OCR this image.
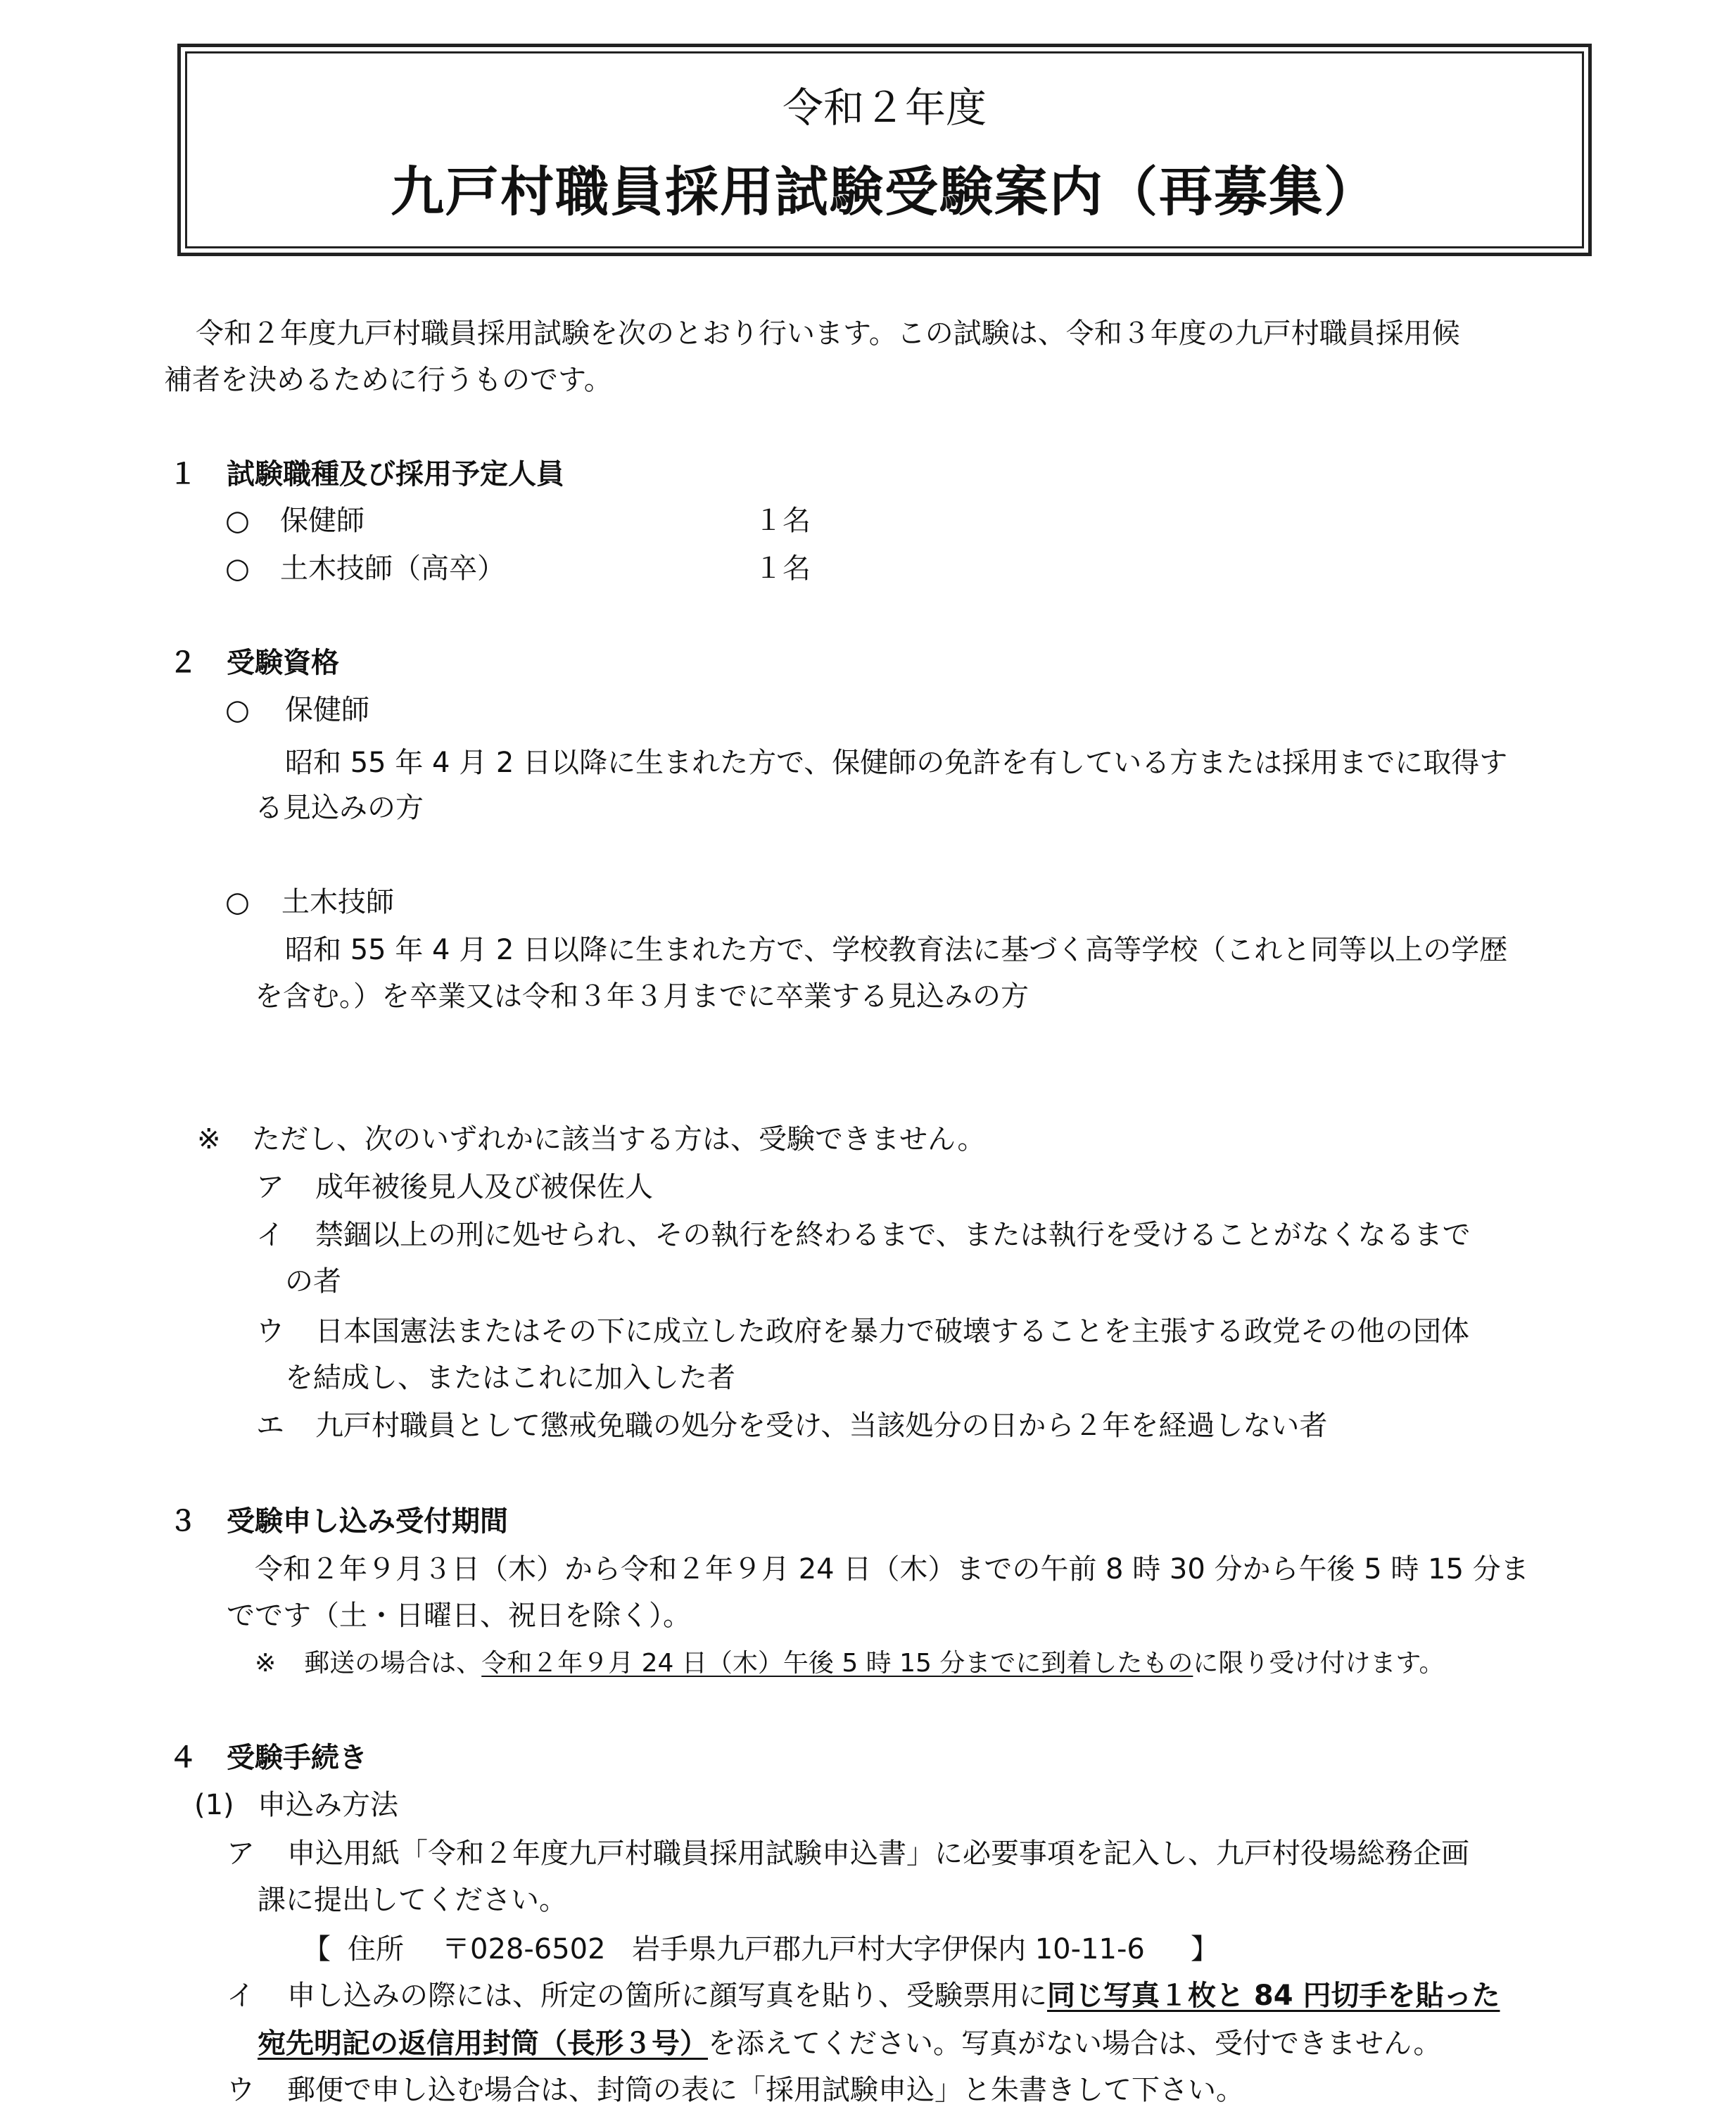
令和２年度
九戸村職員採用試験受験案内（再募集）
令和２年度九戸村職員採用試験を次のとおり行います。この試験は、令和３年度の九戸村職員採用候
補者を決めるために行うものです。
１ 試験職種及び採用予定人員
○ 保健師	１名
○ 土木技師（高卒）	１名
２ 受験資格
○ 保健師
昭和 55 年 4 月 2 日以降に生まれた方で、保健師の免許を有している方または採用までに取得す
る見込みの方
○ 土木技師
昭和 55 年 4 月 2 日以降に生まれた方で、学校教育法に基づく高等学校（これと同等以上の学歴
を含む。）を卒業又は令和３年３月までに卒業する見込みの方
※ ただし、次のいずれかに該当する方は、受験できません。
ア 成年被後見人及び被保佐人
イ 禁錮以上の刑に処せられ、その執行を終わるまで、または執行を受けることがなくなるまで
の者
ウ 日本国憲法またはその下に成立した政府を暴力で破壊することを主張する政党その他の団体
を結成し、またはこれに加入した者
エ 九戸村職員として懲戒免職の処分を受け、当該処分の日から２年を経過しない者
３ 受験申し込み受付期間
令和２年９月３日（木）から令和２年９月 24 日（木）までの午前 8 時 30 分から午後 5 時 15 分ま
でです（土・日曜日、祝日を除く）。
※ 郵送の場合は、令和２年９月 24 日（木）午後 5 時 15 分までに到着したものに限り受け付けます。
４ 受験手続き
(1) 申込み方法
ア 申込用紙「令和２年度九戸村職員採用試験申込書」に必要事項を記入し、九戸村役場総務企画
課に提出してください。
【 住所 〒028-6502 岩手県九戸郡九戸村大字伊保内 10-11-6 】
イ 申し込みの際には、所定の箇所に顔写真を貼り、受験票用に同じ写真１枚と 84 円切手を貼った
宛先明記の返信用封筒（長形３号）を添えてください。写真がない場合は、受付できません。
ウ 郵便で申し込む場合は、封筒の表に「採用試験申込」と朱書きして下さい。
